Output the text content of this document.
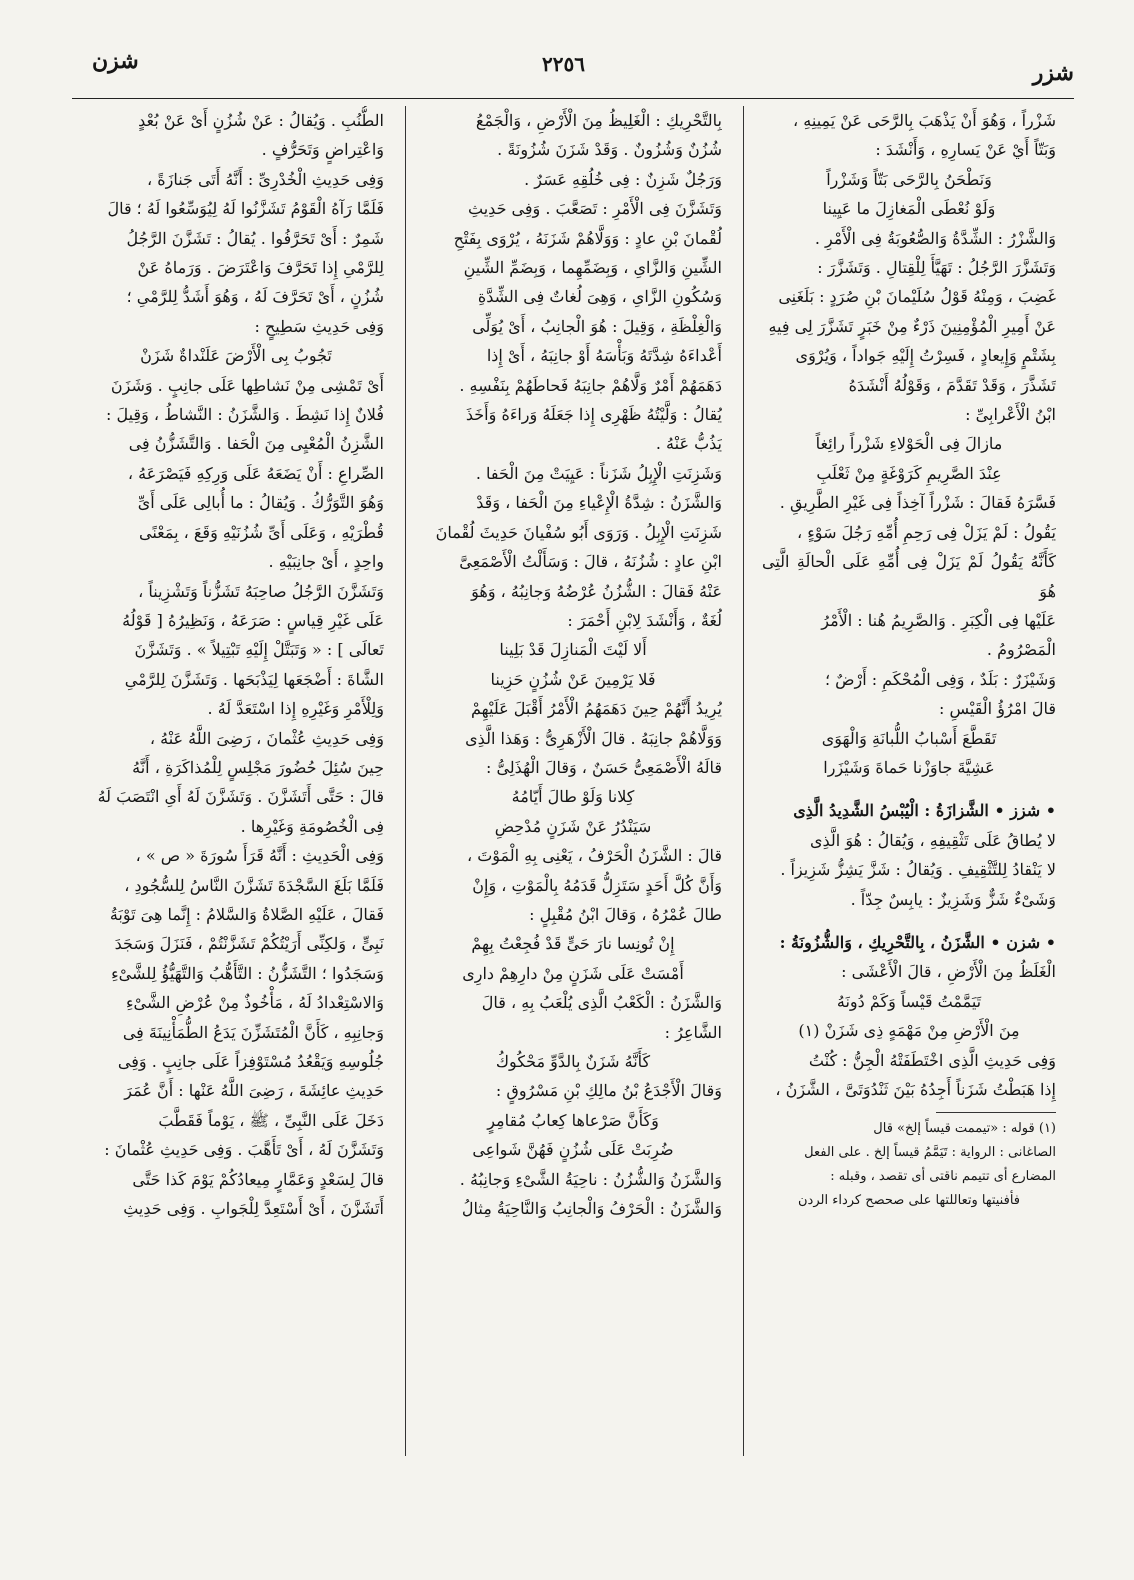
شزن	٢٢٥٦	شزر

شَزْراً ، وَهُوَ أَنْ يَذْهَبَ بِالرَّحَى عَنْ يَمِينِهِ ،

وَبَتّاً أَيْ عَنْ يَسارِهِ ، وَأَنْشَدَ :

وَنَطْحَنُ بِالرَّحَى بَتّاً وَشَزْراً

وَلَوْ نُعْطَى الْمَغازِلَ ما عَيِينا

وَالشَّزْرُ : الشِّدَّةُ وَالصُّعُوبَةُ فِى الْأَمْرِ .

وَتَشَزَّرَ الرَّجُلُ : تَهَيَّأَ لِلْقِتالِ . وَتَشَزَّرَ :

غَضِبَ ، وَمِنْهُ قَوْلُ سُلَيْمانَ بْنِ صُرَدٍ : بَلَغَنِى

عَنْ أَمِيرِ الْمُؤْمِنِينَ ذَرْءٌ مِنْ خَبَرٍ تَشَزَّرَ لِى فِيهِ

بِشَتْمٍ وَإِيعادٍ ، فَسِرْتُ إِلَيْهِ جَواداً ، وَيُرْوَى

تَشَذَّرَ ، وَقَدْ تَقَدَّمَ ، وَقَوْلُهُ أَنْشَدَهُ

ابْنُ الْأَعْرابِىِّ :

مازالَ فِى الْحَوْلاءِ شَزْراً رائِغاً

عِنْدَ الصَّرِيمِ كَرَوْغَةٍ مِنْ ثَعْلَبِ

فَسَّرَهُ فَقالَ : شَزْراً آخِذاً فِى غَيْرِ الطَّرِيقِ .

يَقُولُ : لَمْ يَزَلْ فِى رَحِمِ أُمِّهِ رَجُلَ سَوْءٍ ،

كَأَنَّهُ يَقُولُ لَمْ يَزَلْ فِى أُمِّهِ عَلَى الْحالَةِ الَّتِى هُوَ

عَلَيْها فِى الْكِبَرِ . وَالصَّرِيمُ هُنا : الْأَمْرُ

الْمَصْرُومُ .

وَشَيْزَرٌ : بَلَدٌ ، وَفِى الْمُحْكَمِ : أَرْضٌ ؛

قالَ امْرُؤُ الْقَيْسِ :

تَقَطَّعَ أَسْبابُ اللُّبانَةِ وَالْهَوَى

عَشِيَّةَ جاوَزْنا حَماةَ وَشَيْزَرا

• شزز • الشَّزازَةُ : الْيُبْسُ الشَّدِيدُ الَّذِى

لا يُطاقُ عَلَى تَثْقِيفِهِ ، وَيُقالُ : هُوَ الَّذِى

لا يَنْقادُ لِلتَّثْقِيفِ . وَيُقالُ : شَزَّ يَشِزُّ شَزِيزاً .

وَشَىْءٌ شَزٌّ وَشَزِيزٌ : يابِسٌ جِدّاً .

• شزن • الشَّزَنُ ، بِالتَّحْرِيكِ ، وَالشُّزُونَةُ :

الْغَلَظُ مِنَ الْأَرْضِ ، قالَ الْأَعْشَى :

تَيَمَّمْتُ قَيْساً وَكَمْ دُونَهُ

مِنَ الْأَرْضِ مِنْ مَهْمَهٍ ذِى شَزَنْ (١)

وَفِى حَدِيثِ الَّذِى اخْتَطَفَتْهُ الْجِنُّ : كُنْتُ

إِذا هَبَطْتُ شَزَناً أَجِدُهُ بَيْنَ ثَنْدُوَتَىَّ ، الشَّزَنُ ،

(١) قوله : «تيممت قيساً إلخ» قال

الصاغانى : الرواية : تَيَمَّمُ قيساً إلخ . على الفعل

المضارع أى تتيمم ناقتى أى تقصد ، وقبله :

فأفنيتها وتعاللتها على صحصح كرداء الردن

بِالتَّحْرِيكِ : الْغَلِيظُ مِنَ الْأَرْضِ ، وَالْجَمْعُ

شُزُنٌ وَشُزُونٌ . وَقَدْ شَزَنَ شُزُونَةً .

وَرَجُلٌ شَزِنٌ : فِى خُلُقِهِ عَسَرٌ .

وَتَشَزَّنَ فِى الْأَمْرِ : تَصَعَّبَ . وَفِى حَدِيثِ

لُقْمانَ بْنِ عادٍ : وَوَلَّاهُمْ شَزَنَهُ ، يُرْوَى بِفَتْحِ

الشِّينِ وَالزَّاىِ ، وَبِضَمِّهِما ، وَبِضَمِّ الشِّينِ

وَسُكُونِ الزَّاىِ ، وَهِىَ لُغاتٌ فِى الشِّدَّةِ

وَالْغِلْظَةِ ، وَقِيلَ : هُوَ الْجانِبُ ، أَىْ يُوَلِّى

أَعْداءَهُ شِدَّتَهُ وَبَأْسَهُ أَوْ جانِبَهُ ، أَىْ إِذا

دَهَمَهُمْ أَمْرٌ وَلَّاهُمْ جانِبَهُ فَحاطَهُمْ بِنَفْسِهِ .

يُقالُ : وَلَّيْتُهُ ظَهْرِى إِذا جَعَلَهُ وَراءَهُ وَأَخَذَ

يَذُبُّ عَنْهُ .

وَشَزِنَتِ الْإِبِلُ شَزَناً : عَيِيَتْ مِنَ الْحَفا .

وَالشَّزَنُ : شِدَّةُ الْإِعْياءِ مِنَ الْحَفا ، وَقَدْ

شَزِنَتِ الْإِبِلُ . وَرَوَى أَبُو سُفْيانَ حَدِيثَ لُقْمانَ

ابْنِ عادٍ : شُزُنَهُ ، قالَ : وَسَأَلْتُ الْأَصْمَعِىَّ

عَنْهُ فَقالَ : الشُّزُنُ عُرْضُهُ وَجانِبُهُ ، وَهُوَ

لُغَةٌ ، وَأَنْشَدَ لِابْنِ أَحْمَرَ :

أَلا لَيْتَ الْمَنازِلَ قَدْ بَلِينا

فَلا يَرْمِينَ عَنْ شُزُنٍ حَزِينا

يُرِيدُ أَنَّهُمْ حِينَ دَهَمَهُمُ الْأَمْرُ أَقْبَلَ عَلَيْهِمْ

وَوَلَّاهُمْ جانِبَهُ . قالَ الْأَزْهَرِىُّ : وَهَذا الَّذِى

قالَهُ الْأَصْمَعِىُّ حَسَنٌ ، وَقالَ الْهُذَلِىُّ :

كِلانا وَلَوْ طالَ أَيّامُهُ

سَيَنْدُرُ عَنْ شَزَنٍ مُدْحِضِ

قالَ : الشَّزَنُ الْحَرْفُ ، يَعْنِى بِهِ الْمَوْتَ ،

وَأَنَّ كُلَّ أَحَدٍ سَتَزِلُّ قَدَمُهُ بِالْمَوْتِ ، وَإِنْ

طالَ عُمْرُهُ ، وَقالَ ابْنُ مُقْبِلٍ :

إِنْ تُونِسا نارَ حَىٍّ قَدْ فُجِعْتُ بِهِمْ

أَمْسَتْ عَلَى شَزَنٍ مِنْ دارِهِمْ دارِى

وَالشَّزَنُ : الْكَعْبُ الَّذِى يُلْعَبُ بِهِ ، قالَ

الشَّاعِرُ :

كَأَنَّهُ شَزَنٌ بِالدَّوِّ مَحْكُوكُ

وَقالَ الْأَجْدَعُ بْنُ مالِكِ بْنِ مَسْرُوقٍ :

وَكَأَنَّ صَرْعاها كِعابُ مُقامِرٍ

ضُرِبَتْ عَلَى شُزُنٍ فَهُنَّ شَواعِى

وَالشَّزَنُ وَالشُّزُنُ : ناحِيَةُ الشَّىْءِ وَجانِبُهُ .

وَالشَّزَنُ : الْحَرْفُ وَالْجانِبُ وَالنَّاحِيَةُ مِثالُ

الطُّنُبِ . وَيُقالُ : عَنْ شُزُنٍ أَىْ عَنْ بُعْدٍ

وَاعْتِراضٍ وَتَحَرُّفٍ .

وَفِى حَدِيثِ الْخُدْرِىِّ : أَنَّهُ أَتَى جَنازَةً ،

فَلَمَّا رَآهُ الْقَوْمُ تَشَزَّنُوا لَهُ لِيُوَسِّعُوا لَهُ ؛ قالَ

شَمِرٌ : أَىْ تَحَرَّفُوا . يُقالُ : تَشَزَّنَ الرَّجُلُ

لِلرَّمْىِ إِذا تَحَرَّفَ وَاعْتَرَضَ . وَرَماهُ عَنْ

شُزُنٍ ، أَىْ تَحَرَّفَ لَهُ ، وَهُوَ أَشَدُّ لِلرَّمْىِ ؛

وَفِى حَدِيثِ سَطِيحٍ :

تَجُوبُ بِى الْأَرْضَ عَلَنْداةٌ شَزَنْ

أَىْ تَمْشِى مِنْ نَشاطِها عَلَى جانِبٍ . وَشَزَنَ

فُلانٌ إِذا نَشِطَ . وَالشَّزَنُ : النَّشاطُ ، وَقِيلَ :

الشَّزِنُ الْمُعْيِى مِنَ الْحَفا . وَالتَّشَزُّنُ فِى

الصِّراعِ : أَنْ يَضَعَهُ عَلَى وَرِكِهِ فَيَصْرَعَهُ ،

وَهُوَ التَّوَرُّكُ . وَيُقالُ : ما أُبالِى عَلَى أَىِّ

قُطْرَيْهِ ، وَعَلَى أَىِّ شُزُنَيْهِ وَقَعَ ، بِمَعْنًى

واحِدٍ ، أَىْ جانِبَيْهِ .

وَتَشَزَّنَ الرَّجُلُ صاحِبَهُ تَشَزُّناً وَتَشْزِيناً ،

عَلَى غَيْرِ قِياسٍ : صَرَعَهُ ، وَنَظِيرُهُ [ قَوْلُهُ

تَعالَى ] : « وَتَبَتَّلْ إِلَيْهِ تَبْتِيلاً » . وَتَشَزَّنَ

الشَّاةَ : أَضْجَعَها لِيَذْبَحَها . وَتَشَزَّنَ لِلرَّمْىِ

وَلِلْأَمْرِ وَغَيْرِهِ إِذا اسْتَعَدَّ لَهُ .

وَفِى حَدِيثِ عُثْمانَ ، رَضِىَ اللَّهُ عَنْهُ ،

حِينَ سُئِلَ حُضُورَ مَجْلِسٍ لِلْمُذاكَرَةِ ، أَنَّهُ

قالَ : حَتَّى أَتَشَزَّنَ . وَتَشَزَّنَ لَهُ أَىِ انْتَصَبَ لَهُ

فِى الْخُصُومَةِ وَغَيْرِها .

وَفِى الْحَدِيثِ : أَنَّهُ قَرَأَ سُورَةَ « ص » ،

فَلَمَّا بَلَغَ السَّجْدَةَ تَشَزَّنَ النَّاسُ لِلسُّجُودِ ،

فَقالَ ، عَلَيْهِ الصَّلاةُ وَالسَّلامُ : إِنَّما هِىَ تَوْبَةُ

نَبِىٍّ ، وَلكِنِّى أَرَيْتُكُمْ تَشَزَّنْتُمْ ، فَنَزَلَ وَسَجَدَ

وَسَجَدُوا ؛ التَّشَزُّنُ : التَّأَهُّبُ وَالتَّهَيُّؤُ لِلشَّىْءِ

وَالاسْتِعْدادُ لَهُ ، مَأْخُوذٌ مِنْ عُرْضِ الشَّىْءِ

وَجانِبِهِ ، كَأَنَّ الْمُتَشَزِّنَ يَدَعُ الطُّمَأْنِينَةَ فِى

جُلُوسِهِ وَيَقْعُدُ مُسْتَوْفِزاً عَلَى جانِبٍ . وَفِى

حَدِيثِ عائِشَةَ ، رَضِىَ اللَّهُ عَنْها : أَنَّ عُمَرَ

دَخَلَ عَلَى النَّبِىِّ ، ﷺ ، يَوْماً فَقَطَّبَ

وَتَشَزَّنَ لَهُ ، أَىْ تَأَهَّبَ . وَفِى حَدِيثِ عُثْمانَ :

قالَ لِسَعْدٍ وَعَمَّارٍ مِيعادُكُمْ يَوْمَ كَذا حَتَّى

أَتَشَزَّنَ ، أَىْ أَسْتَعِدَّ لِلْجَوابِ . وَفِى حَدِيثِ
